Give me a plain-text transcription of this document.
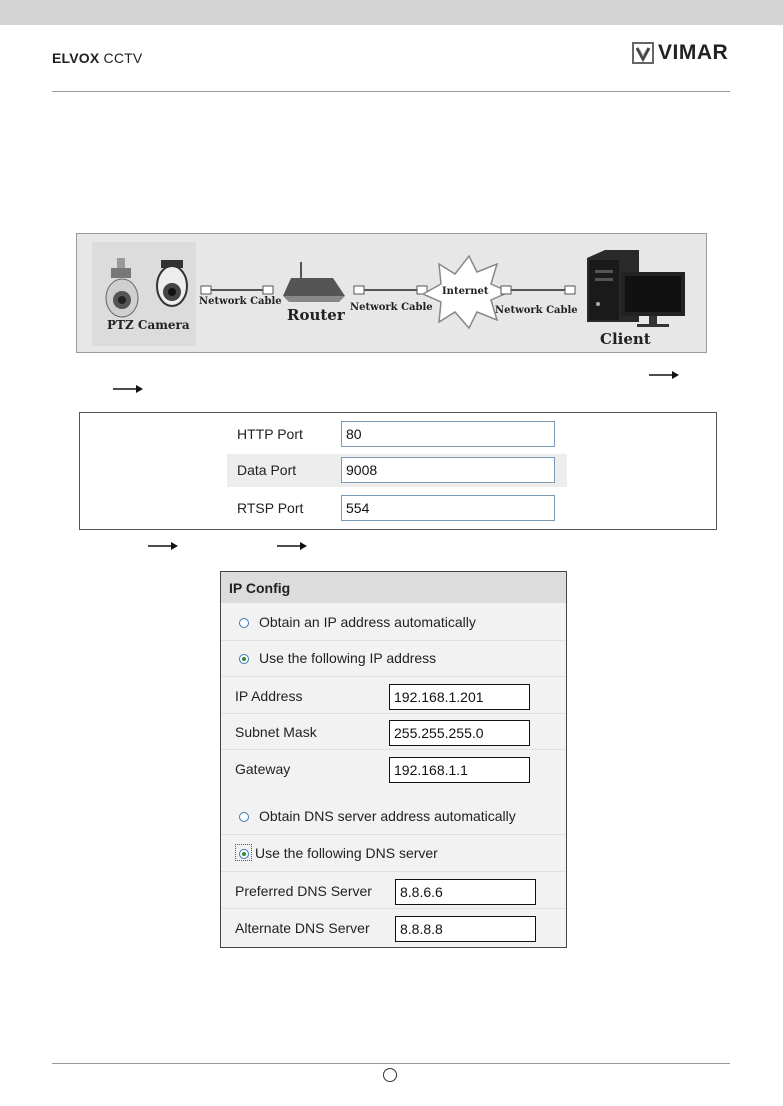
ELVOX CCTV	VIMAR
PTZ Camera
Network Cable
Router Network Cable
Internet
Network Cable
Client
HTTP Port	80
Data Port	9008
RTSP Port	554
IP Config
Obtain an IP address automatically
Use the following IP address
IP Address	192.168.1.201
Subnet Mask	255.255.255.0
Gateway	192.168.1.1
Obtain DNS server address automatically
Use the following DNS server
Preferred DNS Server	8.8.6.6
Alternate DNS Server	8.8.8.8
